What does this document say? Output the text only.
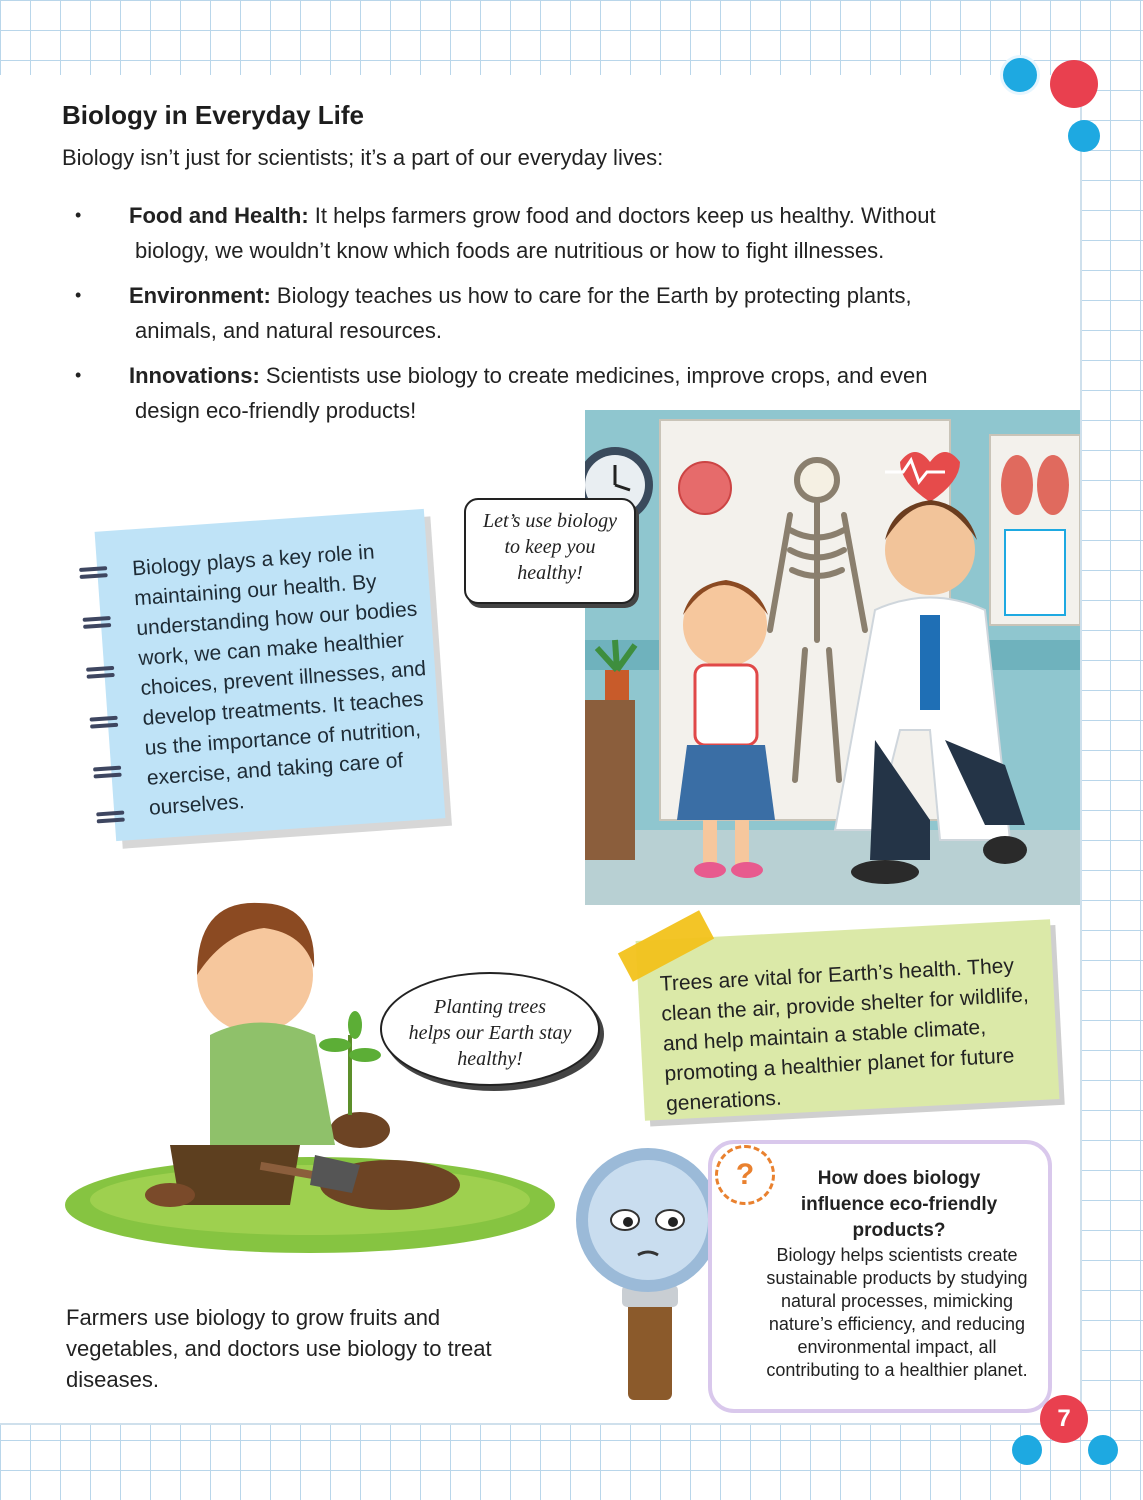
Biology in Everyday Life

Biology isn’t just for scientists; it’s a part of our everyday lives:

• Food and Health: It helps farmers grow food and doctors keep us healthy. Without
biology, we wouldn’t know which foods are nutritious or how to fight illnesses.
• Environment: Biology teaches us how to care for the Earth by protecting plants,
animals, and natural resources.
• Innovations: Scientists use biology to create medicines, improve crops, and even
design eco-friendly products!

Biology plays a key role in maintaining our health. By understanding how our bodies work, we can make healthier choices, prevent illnesses, and develop treatments. It teaches us the importance of nutrition, exercise, and taking care of ourselves.

Let’s use biology
to keep you
healthy!
Planting trees
helps our Earth stay
healthy!

Trees are vital for Earth’s health. They clean the air, provide shelter for wildlife, and help maintain a stable climate, promoting a healthier planet for future generations.

Farmers use biology to grow fruits and vegetables, and doctors use biology to treat diseases.

How does biology influence eco-friendly products?

Biology helps scientists create sustainable products by studying natural processes, mimicking nature’s efficiency, and reducing environmental impact, all contributing to a healthier planet.

?
7
